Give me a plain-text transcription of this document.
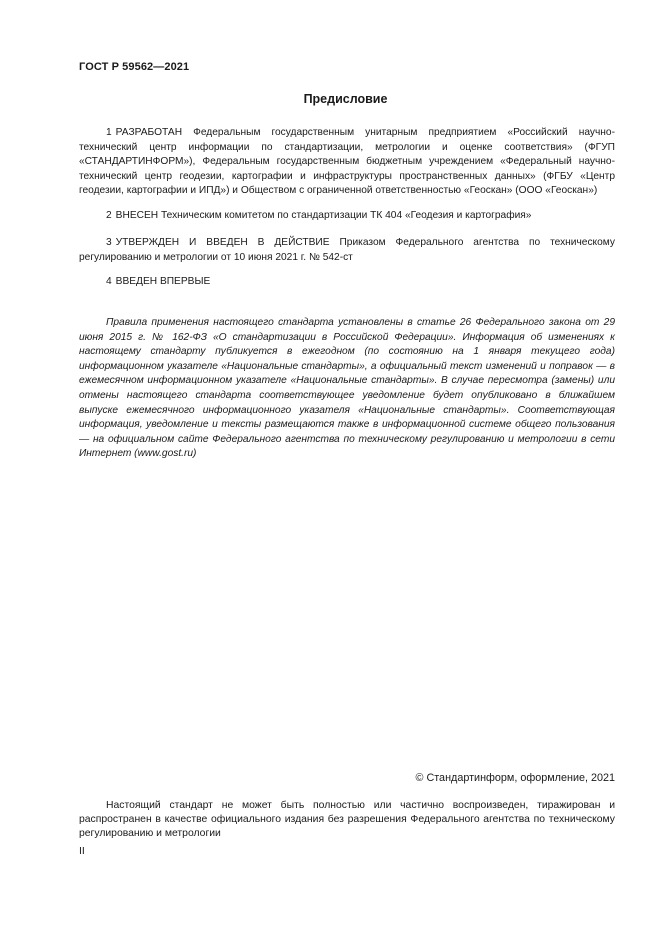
ГОСТ Р 59562—2021
Предисловие
1 РАЗРАБОТАН Федеральным государственным унитарным предприятием «Российский научно-технический центр информации по стандартизации, метрологии и оценке соответствия» (ФГУП «СТАНДАРТИНФОРМ»), Федеральным государственным бюджетным учреждением «Федеральный научно-технический центр геодезии, картографии и инфраструктуры пространственных данных» (ФГБУ «Центр геодезии, картографии и ИПД») и Обществом с ограниченной ответственностью «Геоскан» (ООО «Геоскан»)
2 ВНЕСЕН Техническим комитетом по стандартизации ТК 404 «Геодезия и картография»
3 УТВЕРЖДЕН И ВВЕДЕН В ДЕЙСТВИЕ Приказом Федерального агентства по техническому регулированию и метрологии от 10 июня 2021 г. № 542-ст
4 ВВЕДЕН ВПЕРВЫЕ
Правила применения настоящего стандарта установлены в статье 26 Федерального закона от 29 июня 2015 г. № 162-ФЗ «О стандартизации в Российской Федерации». Информация об изменениях к настоящему стандарту публикуется в ежегодном (по состоянию на 1 января текущего года) информационном указателе «Национальные стандарты», а официальный текст изменений и поправок — в ежемесячном информационном указателе «Национальные стандарты». В случае пересмотра (замены) или отмены настоящего стандарта соответствующее уведомление будет опубликовано в ближайшем выпуске ежемесячного информационного указателя «Национальные стандарты». Соответствующая информация, уведомление и тексты размещаются также в информационной системе общего пользования — на официальном сайте Федерального агентства по техническому регулированию и метрологии в сети Интернет (www.gost.ru)
© Стандартинформ, оформление, 2021
Настоящий стандарт не может быть полностью или частично воспроизведен, тиражирован и распространен в качестве официального издания без разрешения Федерального агентства по техническому регулированию и метрологии
II
